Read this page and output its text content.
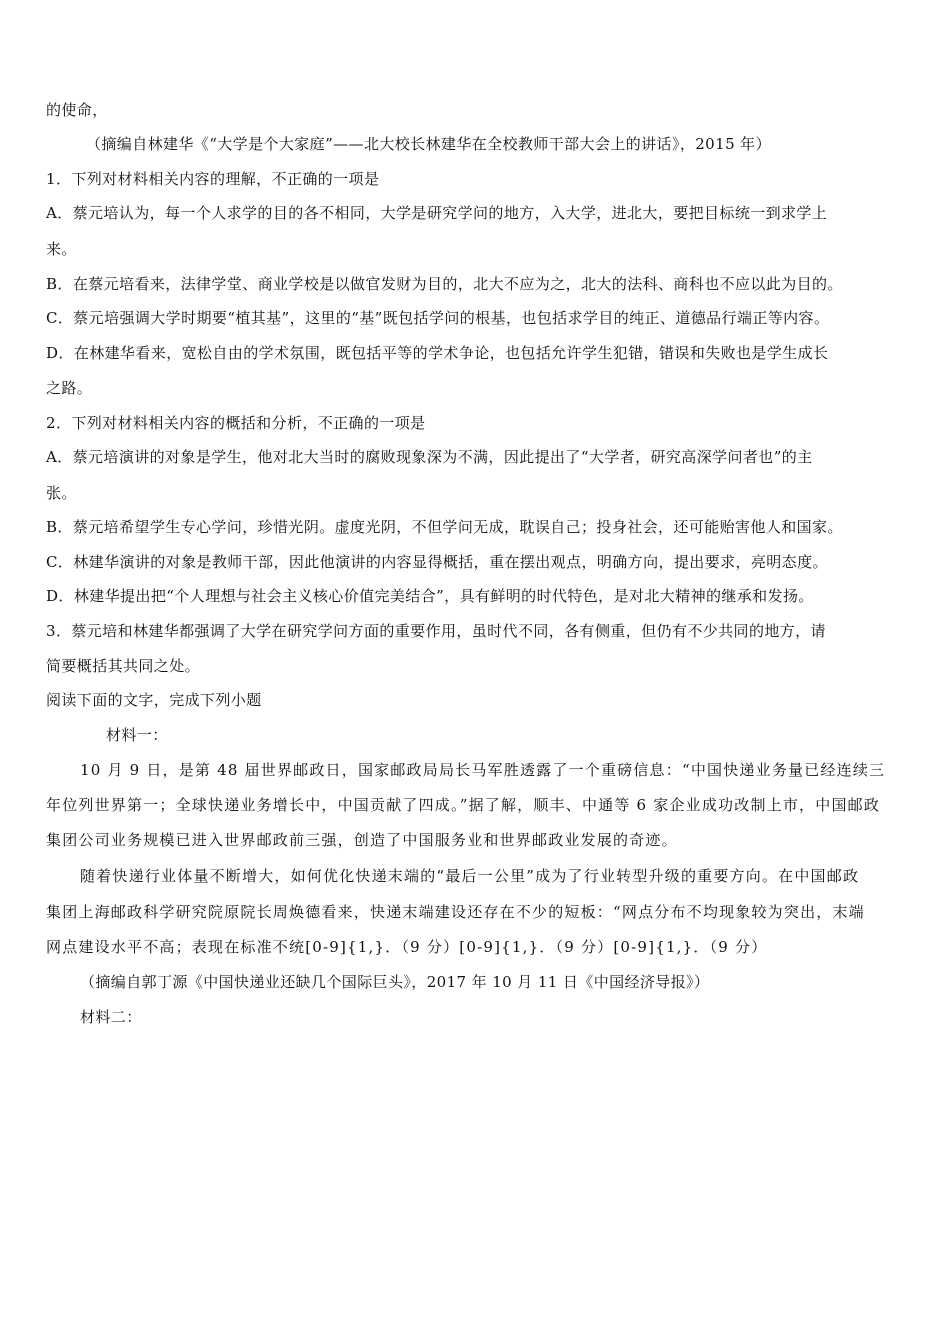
的使命，
（摘编自林建华《“大学是个大家庭”——北大校长林建华在全校教师干部大会上的讲话》，2015 年）
1．下列对材料相关内容的理解，不正确的一项是
A．蔡元培认为，每一个人求学的目的各不相同，大学是研究学问的地方，入大学，进北大，要把目标统一到求学上
来。
B．在蔡元培看来，法律学堂、商业学校是以做官发财为目的，北大不应为之，北大的法科、商科也不应以此为目的。
C．蔡元培强调大学时期要“植其基”，这里的“基”既包括学问的根基，也包括求学目的纯正、道德品行端正等内容。
D．在林建华看来，宽松自由的学术氛围，既包括平等的学术争论，也包括允许学生犯错，错误和失败也是学生成长
之路。
2．下列对材料相关内容的概括和分析，不正确的一项是
A．蔡元培演讲的对象是学生，他对北大当时的腐败现象深为不满，因此提出了“大学者，研究高深学问者也”的主
张。
B．蔡元培希望学生专心学问，珍惜光阴。虚度光阴，不但学问无成，耽误自己；投身社会，还可能贻害他人和国家。
C．林建华演讲的对象是教师干部，因此他演讲的内容显得概括，重在摆出观点，明确方向，提出要求，亮明态度。
D．林建华提出把“个人理想与社会主义核心价值完美结合”，具有鲜明的时代特色，是对北大精神的继承和发扬。
3．蔡元培和林建华都强调了大学在研究学问方面的重要作用，虽时代不同，各有侧重，但仍有不少共同的地方，请
简要概括其共同之处。
阅读下面的文字，完成下列小题
材料一：
10 月 9 日，是第 48 届世界邮政日，国家邮政局局长马军胜透露了一个重磅信息：“中国快递业务量已经连续三
年位列世界第一；全球快递业务增长中，中国贡献了四成。”据了解，顺丰、中通等 6 家企业成功改制上市，中国邮政
集团公司业务规模已进入世界邮政前三强，创造了中国服务业和世界邮政业发展的奇迹。
随着快递行业体量不断增大，如何优化快递末端的“最后一公里”成为了行业转型升级的重要方向。在中国邮政
集团上海邮政科学研究院原院长周焕德看来，快递末端建设还存在不少的短板：“网点分布不均现象较为突出，末端
网点建设水平不高；表现在标准不统[0-9]{1,}．（9 分）[0-9]{1,}．（9 分）[0-9]{1,}．（9 分）
（摘编自郭丁源《中国快递业还缺几个国际巨头》，2017 年 10 月 11 日《中国经济导报》）
材料二：
